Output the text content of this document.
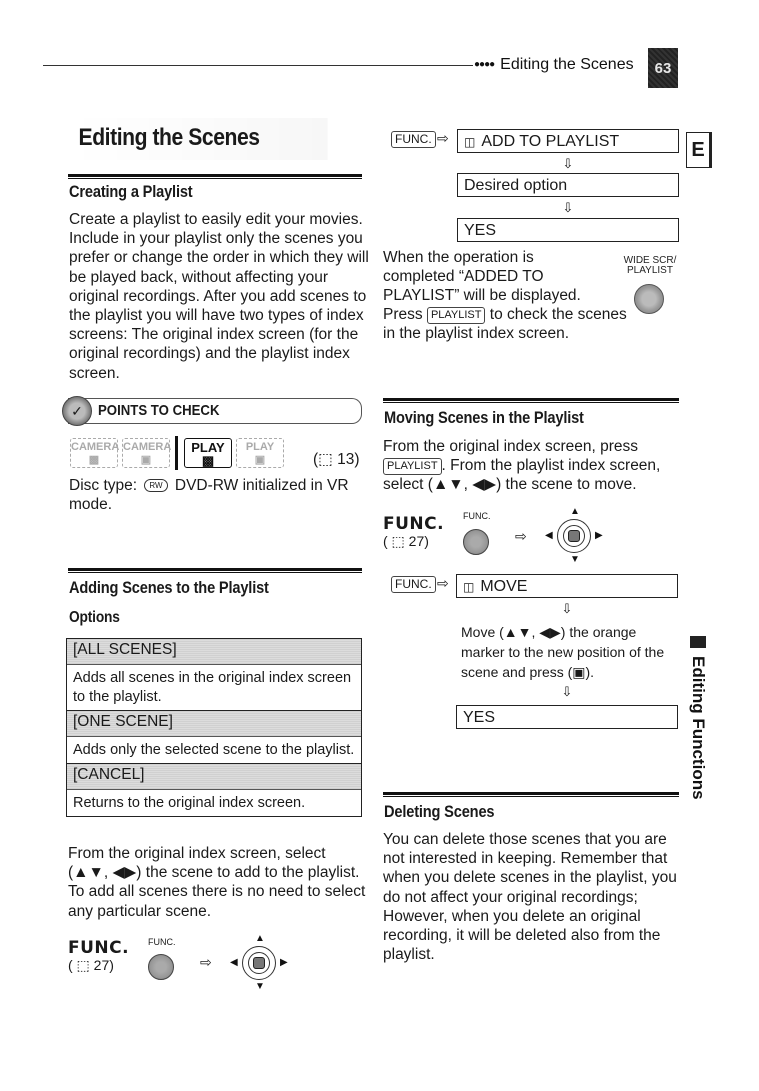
●●●● Editing the Scenes	63
E
Editing the Scenes
Creating a Playlist
Create a playlist to easily edit your movies. Include in your playlist only the scenes you prefer or change the order in which they will be played back, without affecting your original recordings. After you add scenes to the playlist you will have two types of index screens: The original index screen (for the original recordings) and the playlist index screen.
✓	POINTS TO CHECK
CAMERA
▩
CAMERA
▣
PLAY
▩
PLAY
▣	(⬚ 13)
Disc type: RW DVD-RW initialized in VR mode.
Adding Scenes to the Playlist
Options
[ALL SCENES]
Adds all scenes in the original index screen to the playlist.
[ONE SCENE]
Adds only the selected scene to the playlist.
[CANCEL]
Returns to the original index screen.
From the original index screen, select (▲▼, ◀▶) the scene to add to the playlist. To add all scenes there is no need to select any particular scene.
FUNC.
( ⬚ 27)
FUNC.
⇨
▲
▼
◀	▶
FUNC. ⇨	◫ ADD TO PLAYLIST
⇩
Desired option
⇩
YES
When the operation is completed “ADDED TO PLAYLIST” will be displayed.
Press PLAYLIST to check the scenes in the playlist index screen.
WIDE SCR/
PLAYLIST
Moving Scenes in the Playlist
From the original index screen, press PLAYLIST . From the playlist index screen, select (▲▼, ◀▶) the scene to move.
FUNC.
( ⬚ 27)
FUNC.
⇨
▲
▼
◀	▶
FUNC. ⇨	◫ MOVE
⇩
Move (▲▼, ◀▶) the orange marker to the new position of the scene and press (▣).
⇩
YES
Deleting Scenes
You can delete those scenes that you are not interested in keeping. Remember that when you delete scenes in the playlist, you do not affect your original recordings; However, when you delete an original recording, it will be deleted also from the playlist.
Editing Functions
